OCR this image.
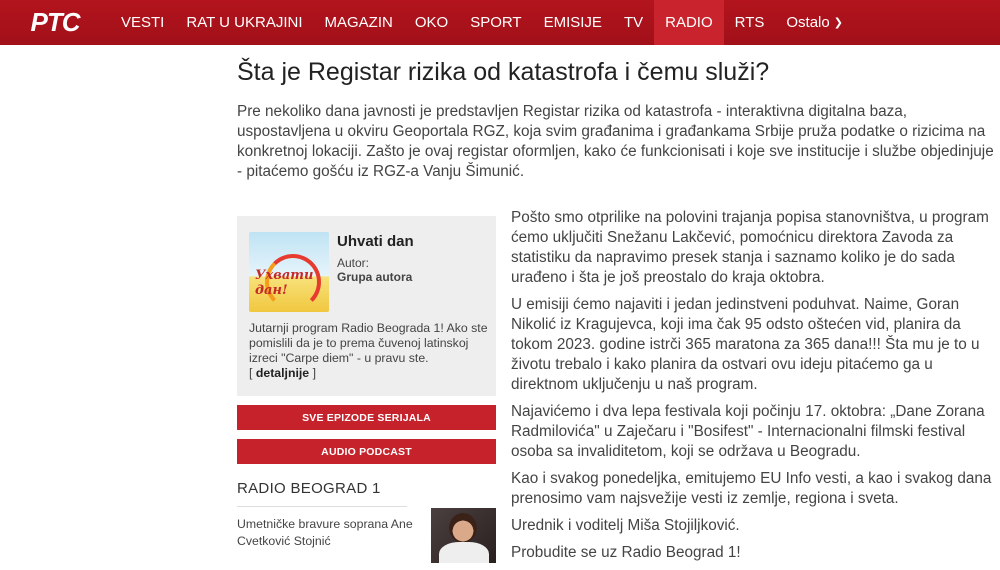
PTC	VESTI	RAT U UKRAJINI	MAGAZIN	OKO	SPORT	EMISIJE	TV	RADIO	RTS	Ostalo ❯
Šta je Registar rizika od katastrofa i čemu služi?

Pre nekoliko dana javnosti je predstavljen Registar rizika od katastrofa - interaktivna digitalna baza, uspostavljena u okviru Geoportala RGZ, koja svim građanima i građankama Srbije pruža podatke o rizicima na konkretnoj lokaciji. Zašto je ovaj registar oformljen, kako će funkcionisati i koje sve institucije i službe objedinjuje - pitaćemo gošću iz RGZ-a Vanju Šimunić.

Ухвати дан!
Uhvati dan
Autor:
Grupa autora

Jutarnji program Radio Beograda 1! Ako ste pomislili da je to prema čuvenoj latinskoj izreci "Carpe diem" - u pravu ste.
[ detaljnije ]

SVE EPIZODE SERIJALA
AUDIO PODCAST
RADIO BEOGRAD 1
Umetničke bravure soprana Ane Cvetković Stojnić

Pošto smo otprilike na polovini trajanja popisa stanovništva, u program ćemo uključiti Snežanu Lakčević, pomoćnicu direktora Zavoda za statistiku da napravimo presek stanja i saznamo koliko je do sada urađeno i šta je još preostalo do kraja oktobra.

U emisiji ćemo najaviti i jedan jedinstveni poduhvat. Naime, Goran Nikolić iz Kragujevca, koji ima čak 95 odsto oštećen vid, planira da tokom 2023. godine istrči 365 maratona za 365 dana!!! Šta mu je to u životu trebalo i kako planira da ostvari ovu ideju pitaćemo ga u direktnom uključenju u naš program.

Najavićemo i dva lepa festivala koji počinju 17. oktobra: „Dane Zorana Radmilovića" u Zaječaru i "Bosifest" - Internacionalni filmski festival osoba sa invaliditetom, koji se održava u Beogradu.

Kao i svakog ponedeljka, emitujemo EU Info vesti, a kao i svakog dana prenosimo vam najsvežije vesti iz zemlje, regiona i sveta.

Urednik i voditelj Miša Stojiljković.

Probudite se uz Radio Beograd 1!
